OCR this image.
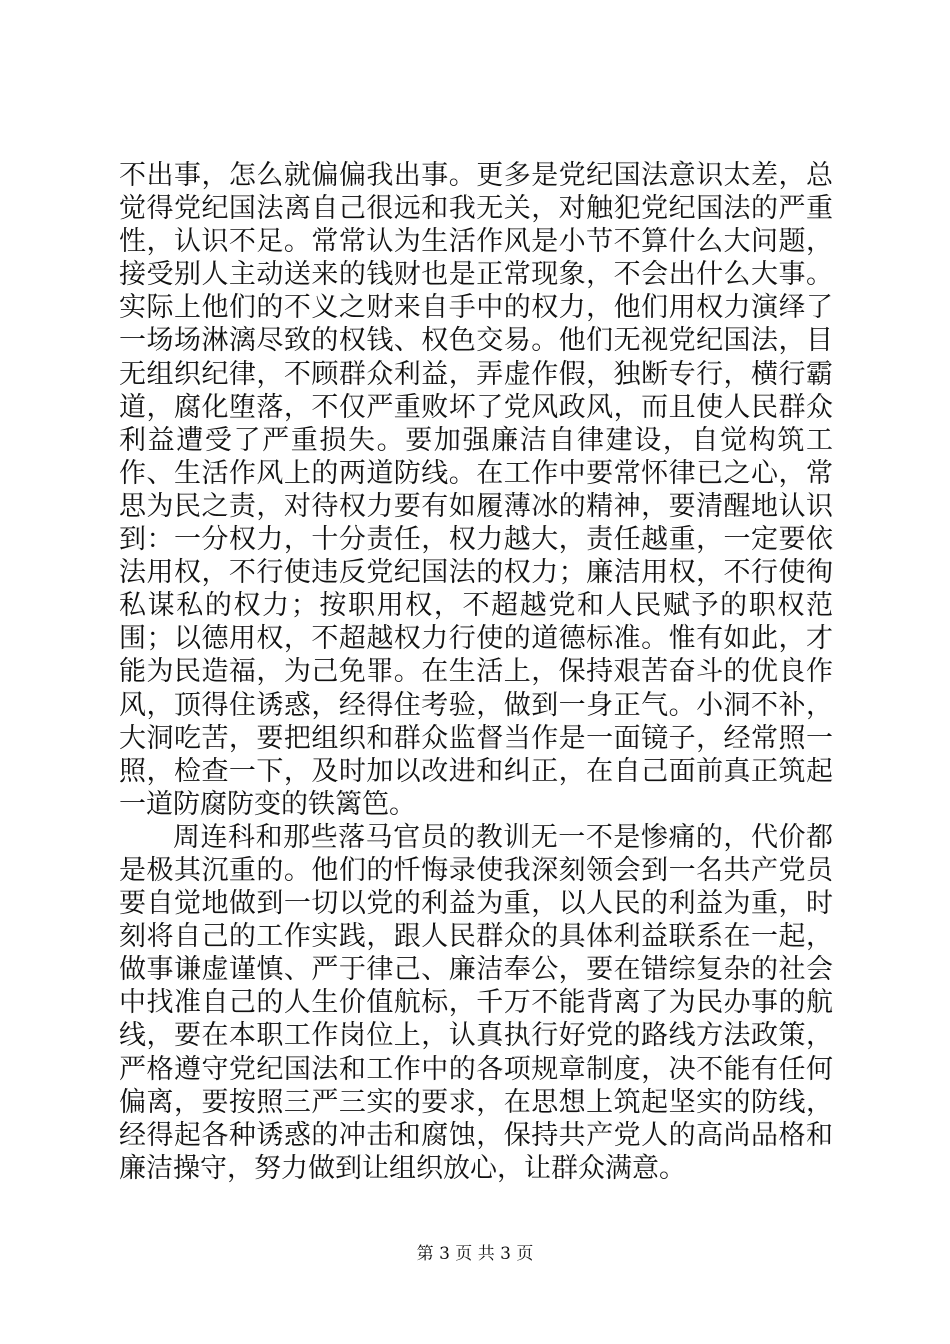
不出事，怎么就偏偏我出事。更多是党纪国法意识太差，总觉得党纪国法离自己很远和我无关，对触犯党纪国法的严重性，认识不足。常常认为生活作风是小节不算什么大问题，接受别人主动送来的钱财也是正常现象，不会出什么大事。实际上他们的不义之财来自手中的权力，他们用权力演绎了一场场淋漓尽致的权钱、权色交易。他们无视党纪国法，目无组织纪律，不顾群众利益，弄虚作假，独断专行，横行霸道，腐化堕落，不仅严重败坏了党风政风，而且使人民群众利益遭受了严重损失。要加强廉洁自律建设，自觉构筑工作、生活作风上的两道防线。在工作中要常怀律已之心，常思为民之责，对待权力要有如履薄冰的精神，要清醒地认识到：一分权力，十分责任，权力越大，责任越重，一定要依法用权，不行使违反党纪国法的权力；廉洁用权，不行使徇私谋私的权力；按职用权，不超越党和人民赋予的职权范围；以德用权，不超越权力行使的道德标准。惟有如此，才能为民造福，为己免罪。在生活上，保持艰苦奋斗的优良作风，顶得住诱惑，经得住考验，做到一身正气。小洞不补，大洞吃苦，要把组织和群众监督当作是一面镜子，经常照一照，检查一下，及时加以改进和纠正，在自己面前真正筑起一道防腐防变的铁篱笆。

周连科和那些落马官员的教训无一不是惨痛的，代价都是极其沉重的。他们的忏悔录使我深刻领会到一名共产党员要自觉地做到一切以党的利益为重，以人民的利益为重，时刻将自己的工作实践，跟人民群众的具体利益联系在一起，做事谦虚谨慎、严于律己、廉洁奉公，要在错综复杂的社会中找准自己的人生价值航标，千万不能背离了为民办事的航线，要在本职工作岗位上，认真执行好党的路线方法政策，严格遵守党纪国法和工作中的各项规章制度，决不能有任何偏离，要按照三严三实的要求，在思想上筑起坚实的防线，经得起各种诱惑的冲击和腐蚀，保持共产党人的高尚品格和廉洁操守，努力做到让组织放心，让群众满意。

第 3 页 共 3 页
